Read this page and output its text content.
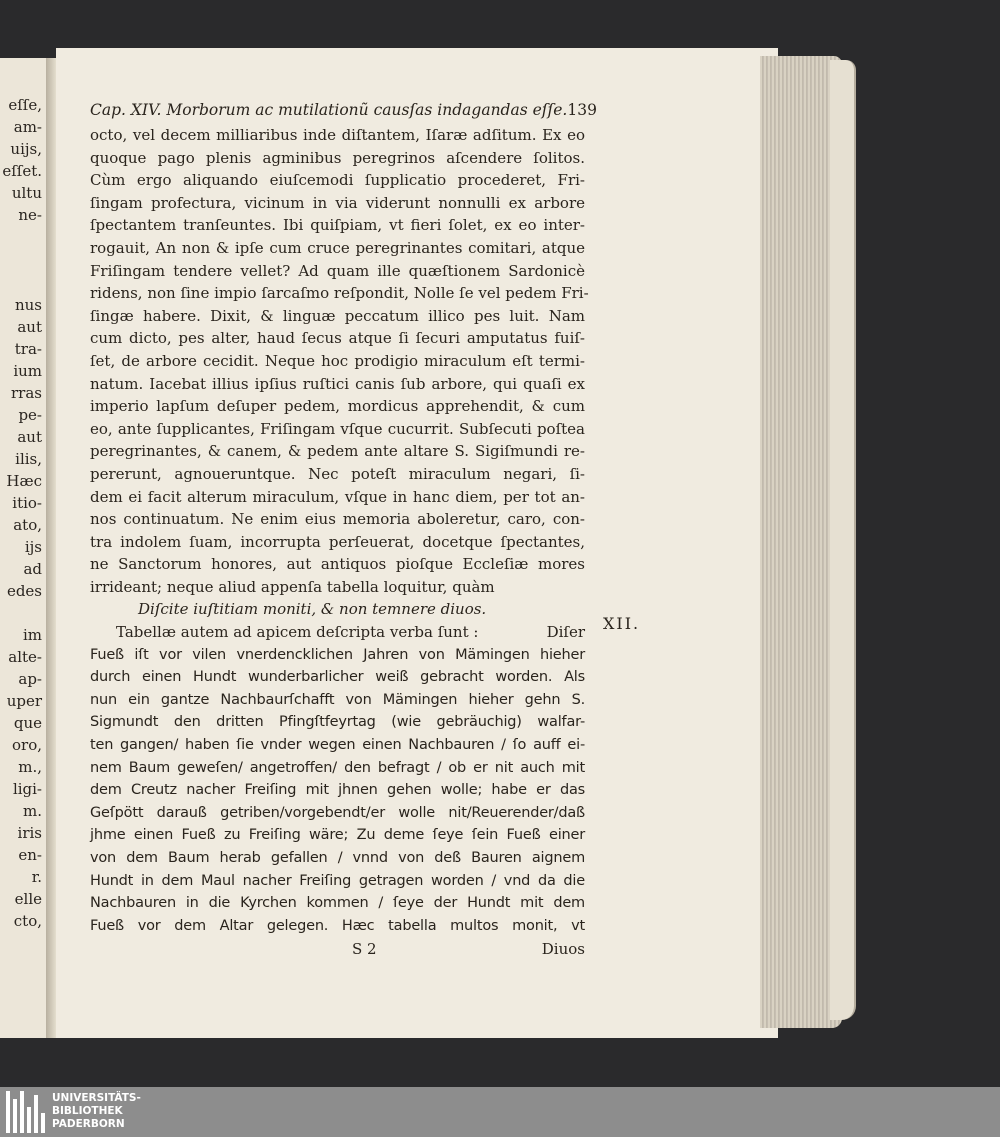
eſſe,
am-
uijs,
eſſet.
ultu
ne-
nus
aut
tra-
ium
rras
pe-
aut
ilis,
Hæc
itio-
ato,
ijs
ad
edes
im
alte-
ap-
uper
que
oro,
m.,
ligi-
m.
iris
en-
r.
elle
cto,
Cap. XIV. Morborum ac mutilationũ causſas indagandas eſſe. 139
octo, vel decem milliaribus inde diſtantem, Iſaræ adſitum. Ex eo
quoque pago plenis agminibus peregrinos aſcendere ſolitos.
Cùm ergo aliquando eiuſcemodi ſupplicatio procederet, Fri-
ſingam profectura, vicinum in via viderunt nonnulli ex arbore
ſpectantem tranſeuntes. Ibi quiſpiam, vt fieri ſolet, ex eo inter-
rogauit, An non & ipſe cum cruce peregrinantes comitari, atque
Friſingam tendere vellet? Ad quam ille quæſtionem Sardonicè
ridens, non ſine impio ſarcaſmo reſpondit, Nolle ſe vel pedem Fri-
ſingæ habere. Dixit, & linguæ peccatum illico pes luit. Nam
cum dicto, pes alter, haud ſecus atque ſi ſecuri amputatus fuiſ-
ſet, de arbore cecidit. Neque hoc prodigio miraculum eſt termi-
natum. Iacebat illius ipſius ruſtici canis ſub arbore, qui quaſi ex
imperio lapſum deſuper pedem, mordicus apprehendit, & cum
eo, ante ſupplicantes, Friſingam vſque cucurrit. Subſecuti poſtea
peregrinantes, & canem, & pedem ante altare S. Sigiſmundi re-
pererunt, agnoueruntque. Nec poteſt miraculum negari, ſi-
dem ei facit alterum miraculum, vſque in hanc diem, per tot an-
nos continuatum. Ne enim eius memoria aboleretur, caro, con-
tra indolem ſuam, incorrupta perſeuerat, docetque ſpectantes,
ne Sanctorum honores, aut antiquos pioſque Eccleſiæ mores
irrideant; neque aliud appenſa tabella loquitur, quàm
Diſcite iuſtitiam moniti, & non temnere diuos.
Tabellæ autem ad apicem deſcripta verba ſunt :	Diſer
Fueß iſt vor vilen vnerdencklichen Jahren von Mämingen hieher
durch einen Hundt wunderbarlicher weiß gebracht worden. Als
nun ein gantze Nachbaurſchafft von Mämingen hieher gehn S.
Sigmundt den dritten Pfingſtfeyrtag (wie gebräuchig) walfar-
ten gangen/ haben ſie vnder wegen einen Nachbauren / ſo auff ei-
nem Baum geweſen/ angetroffen/ den befragt / ob er nit auch mit
dem Creutz nacher Freiſing mit jhnen gehen wolle; habe er das
Geſpött darauß getriben/vorgebendt/er wolle nit/Reuerender/daß
jhme einen Fueß zu Freiſing wäre; Zu deme ſeye ſein Fueß einer
von dem Baum herab gefallen / vnnd von deß Bauren aignem
Hundt in dem Maul nacher Freiſing getragen worden / vnd da die
Nachbauren in die Kyrchen kommen / ſeye der Hundt mit dem
Fueß vor dem Altar gelegen. Hæc tabella multos monit, vt
S 2	Diuos
XII.
UNIVERSITÄTS-
BIBLIOTHEK
PADERBORN
